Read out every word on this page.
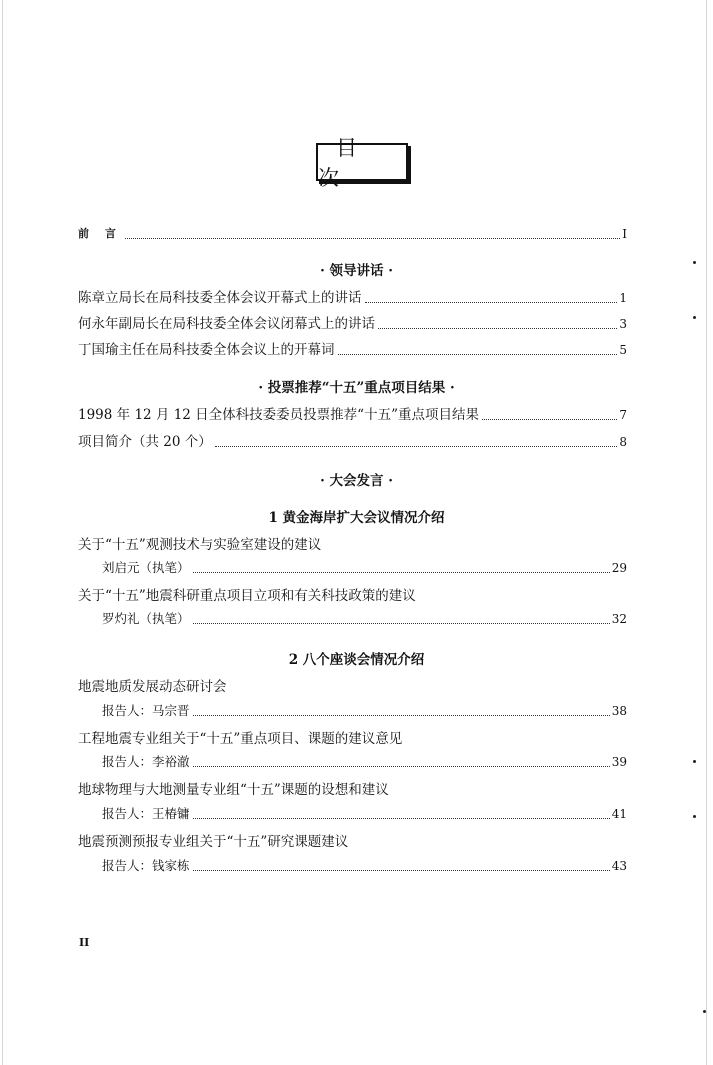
目 次
前 言	I
· 领导讲话 ·
陈章立局长在局科技委全体会议开幕式上的讲话	1
何永年副局长在局科技委全体会议闭幕式上的讲话	3
丁国瑜主任在局科技委全体会议上的开幕词	5
· 投票推荐“十五”重点项目结果 ·
1998 年 12 月 12 日全体科技委委员投票推荐“十五”重点项目结果	7
项目简介（共 20 个）	8
· 大会发言 ·
1 黄金海岸扩大会议情况介绍
关于“十五”观测技术与实验室建设的建议
刘启元（执笔）	29
关于“十五”地震科研重点项目立项和有关科技政策的建议
罗灼礼（执笔）	32
2 八个座谈会情况介绍
地震地质发展动态研讨会
报告人：马宗晋	38
工程地震专业组关于“十五”重点项目、课题的建议意见
报告人：李裕澈	39
地球物理与大地测量专业组“十五”课题的设想和建议
报告人：王椿镛	41
地震预测预报专业组关于“十五”研究课题建议
报告人：钱家栋	43
II
